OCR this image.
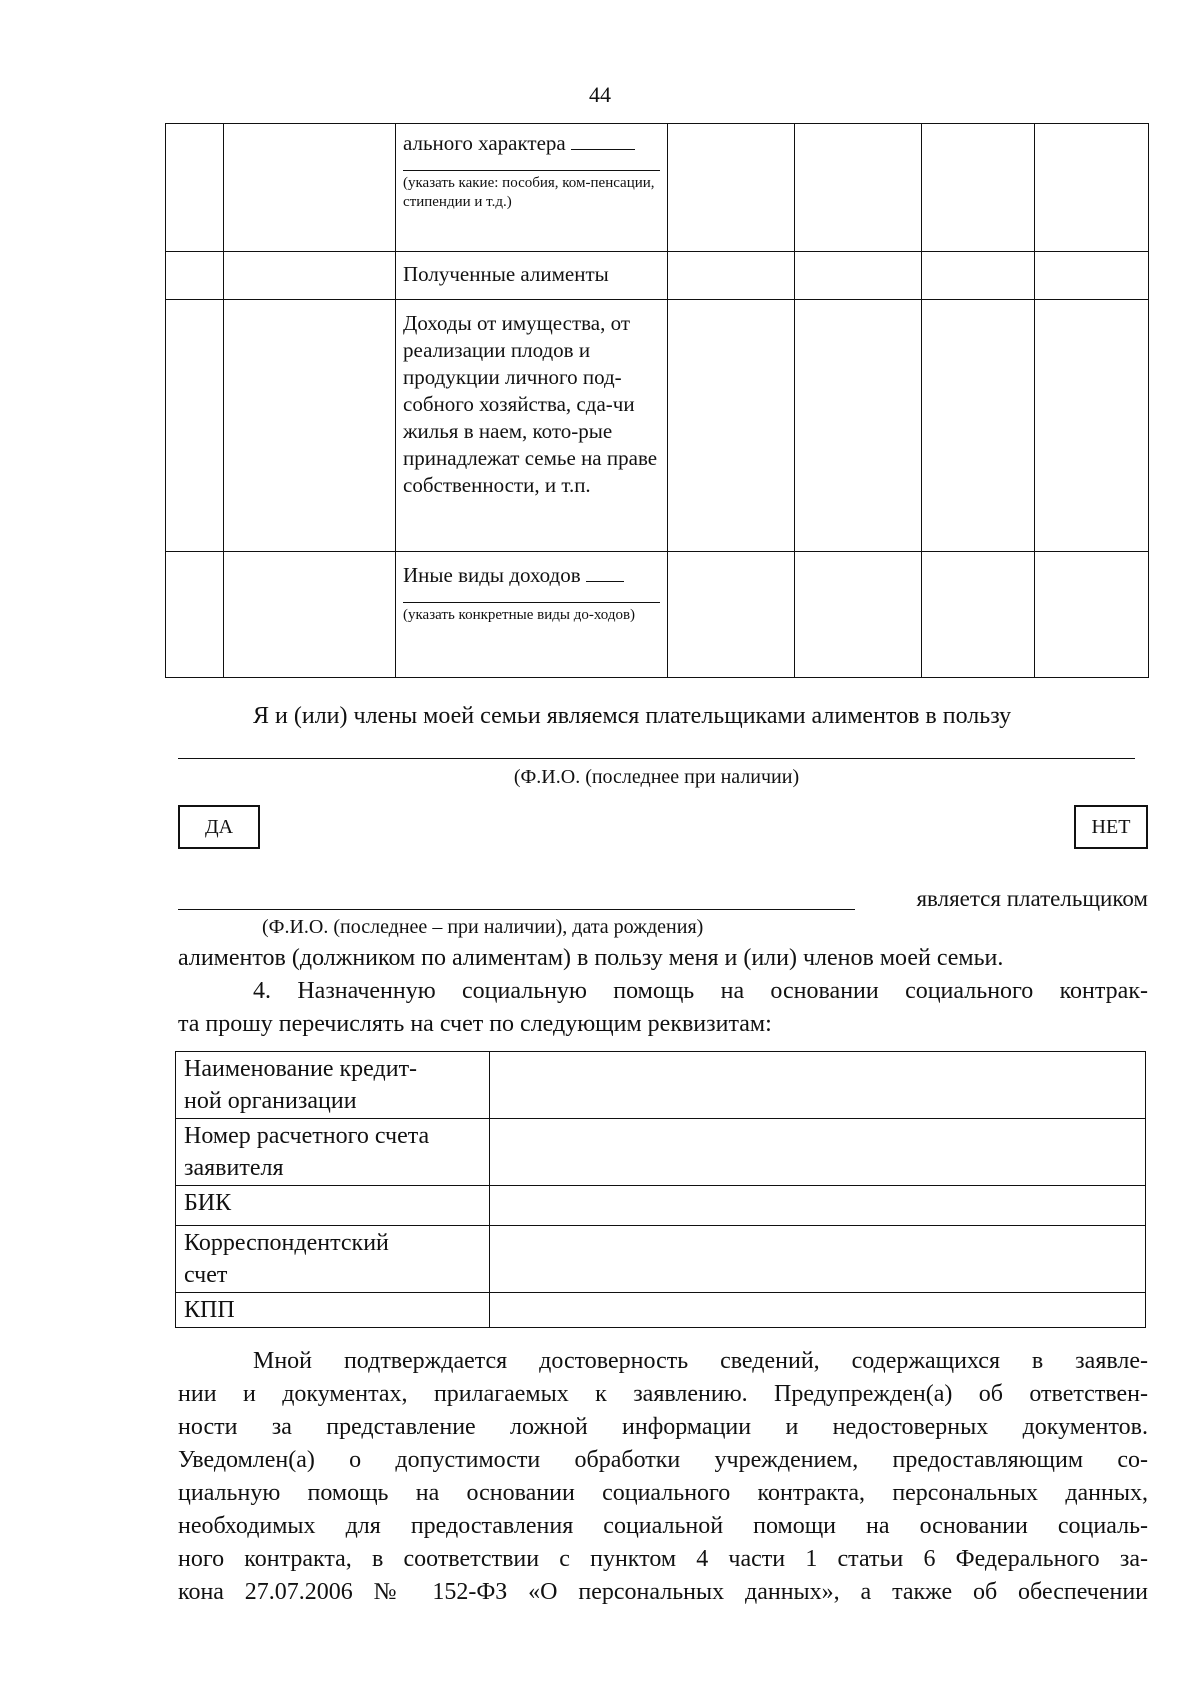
44

		ального характера
(указать какие: пособия, ком-пенсации, стипендии и т.д.)				

		Полученные алименты				

		Доходы от имущества, от реализации плодов и продукции личного под-собного хозяйства, сда-чи жилья в наем, кото-рые принадлежат семье на праве собственности, и т.п.				

		Иные виды доходов
(указать конкретные виды до-ходов)				

Я и (или) члены моей семьи являемся плательщиками алиментов в пользу
(Ф.И.О. (последнее при наличии)
ДА	НЕТ
является плательщиком
(Ф.И.О. (последнее – при наличии), дата рождения)
алиментов (должником по алиментам) в пользу меня и (или) членов моей семьи.
4. Назначенную социальную помощь на основании социального контрак-
та прошу перечислять на счет по следующим реквизитам:
Наименование кредит-
ной организации	

Номер расчетного счета
заявителя	

БИК	

Корреспондентский
счет	

КПП	

Мной подтверждается достоверность сведений, содержащихся в заявле-
нии и документах, прилагаемых к заявлению. Предупрежден(а) об ответствен-
ности за представление ложной информации и недостоверных документов.
Уведомлен(а) о допустимости обработки учреждением, предоставляющим со-
циальную помощь на основании социального контракта, персональных данных,
необходимых для предоставления социальной помощи на основании социаль-
ного контракта, в соответствии с пунктом 4 части 1 статьи 6 Федерального за-
кона 27.07.2006 № 152-ФЗ «О персональных данных», а также об обеспечении
